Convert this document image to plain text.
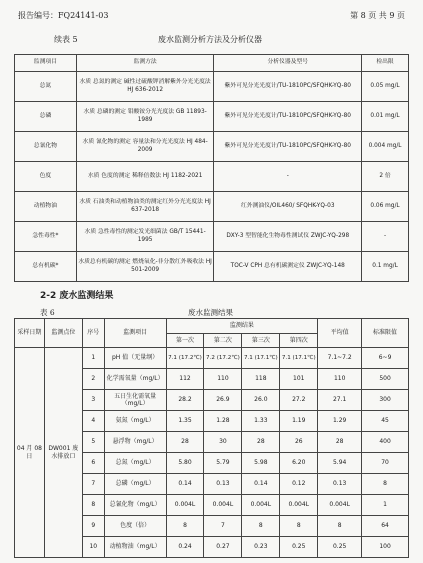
报告编号：FQ24141-03	第 8 页 共 9 页
续表 5	废水监测分析方法及分析仪器
监测项目	监测方法	分析仪器及型号	检出限
总氮	水质 总氮的测定 碱性过硫酸钾消解紫外分光光度法 HJ 636-2012	紫外可见分光光度计/TU-1810PC/SFQHK-YQ-80	0.05 mg/L
总磷	水质 总磷的测定 钼酸铵分光光度法 GB 11893-1989	紫外可见分光光度计/TU-1810PC/SFQHK-YQ-80	0.01 mg/L
总氰化物	水质 氰化物的测定 容量法和分光光度法 HJ 484-2009	紫外可见分光光度计/TU-1810PC/SFQHK-YQ-80	0.004 mg/L
色度	水质 色度的测定 稀释倍数法 HJ 1182-2021	-	2 倍
动植物油	水质 石油类和动植物油类的测定红外分光光度法 HJ 637-2018	红外测油仪/OIL460/ SFQHK-YQ-03	0.06 mg/L
急性毒性*	水质 急性毒性的测定发光细菌法 GB/T 15441-1995	DXY-3 型智能化生物毒性测试仪 ZWJC-YQ-298	-
总有机碳*	水质总有机碳的测定 燃烧氧化-非分散红外吸收法 HJ 501-2009	TOC-V CPH 总有机碳测定仪 ZWJC-YQ-148	0.1 mg/L
2-2 废水监测结果
表 6	废水监测结果
采样日期	监测点位	序号	监测项目	监测结果				平均值	标准限值
				第一次	第二次	第三次	第四次		
04 月 08 日	DW001 废水排放口	1	pH 值（无量纲）	7.1 (17.2℃)	7.2 (17.2℃)	7.1 (17.1℃)	7.1 (17.1℃)	7.1~7.2	6~9
		2	化学需氧量（mg/L）	112	110	118	101	110	500
		3	五日生化需氧量（mg/L）	28.2	26.9	26.0	27.2	27.1	300
		4	氨氮（mg/L）	1.35	1.28	1.33	1.19	1.29	45
		5	悬浮物（mg/L）	28	30	28	26	28	400
		6	总氮（mg/L）	5.80	5.79	5.98	6.20	5.94	70
		7	总磷（mg/L）	0.14	0.13	0.14	0.12	0.13	8
		8	总氰化物（mg/L）	0.004L	0.004L	0.004L	0.004L	0.004L	1
		9	色度（倍）	8	7	8	8	8	64
		10	动植物油（mg/L）	0.24	0.27	0.23	0.25	0.25	100
